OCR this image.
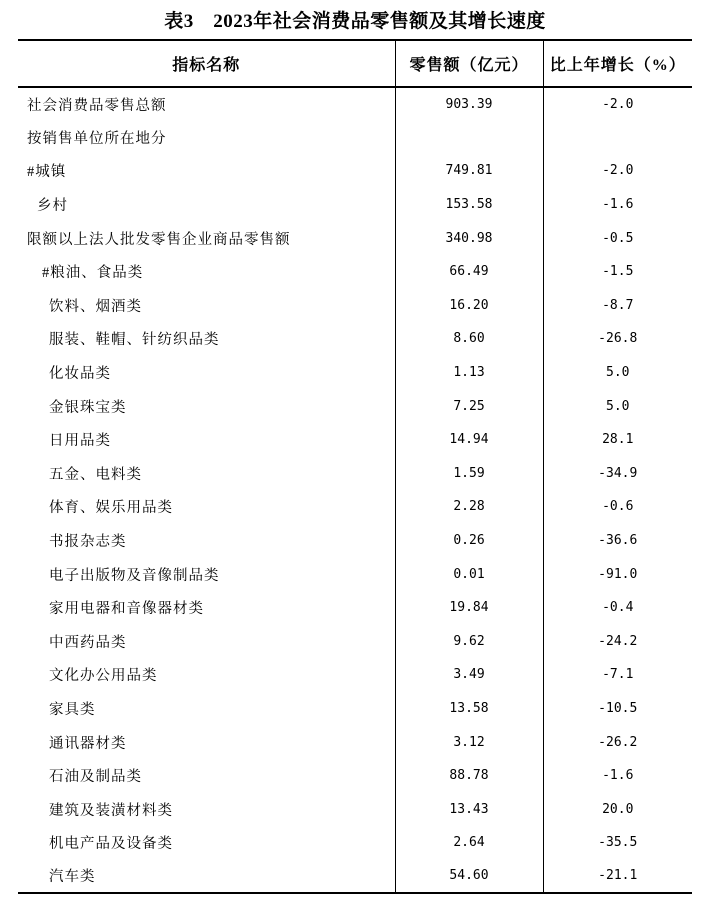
表3　2023年社会消费品零售额及其增长速度
指标名称	零售额（亿元）	比上年增长（%）
社会消费品零售总额	903.39	-2.0
按销售单位所在地分		
#城镇	749.81	-2.0
乡村	153.58	-1.6
限额以上法人批发零售企业商品零售额	340.98	-0.5
#粮油、食品类	66.49	-1.5
饮料、烟酒类	16.20	-8.7
服装、鞋帽、针纺织品类	8.60	-26.8
化妆品类	1.13	5.0
金银珠宝类	7.25	5.0
日用品类	14.94	28.1
五金、电料类	1.59	-34.9
体育、娱乐用品类	2.28	-0.6
书报杂志类	0.26	-36.6
电子出版物及音像制品类	0.01	-91.0
家用电器和音像器材类	19.84	-0.4
中西药品类	9.62	-24.2
文化办公用品类	3.49	-7.1
家具类	13.58	-10.5
通讯器材类	3.12	-26.2
石油及制品类	88.78	-1.6
建筑及装潢材料类	13.43	20.0
机电产品及设备类	2.64	-35.5
汽车类	54.60	-21.1
